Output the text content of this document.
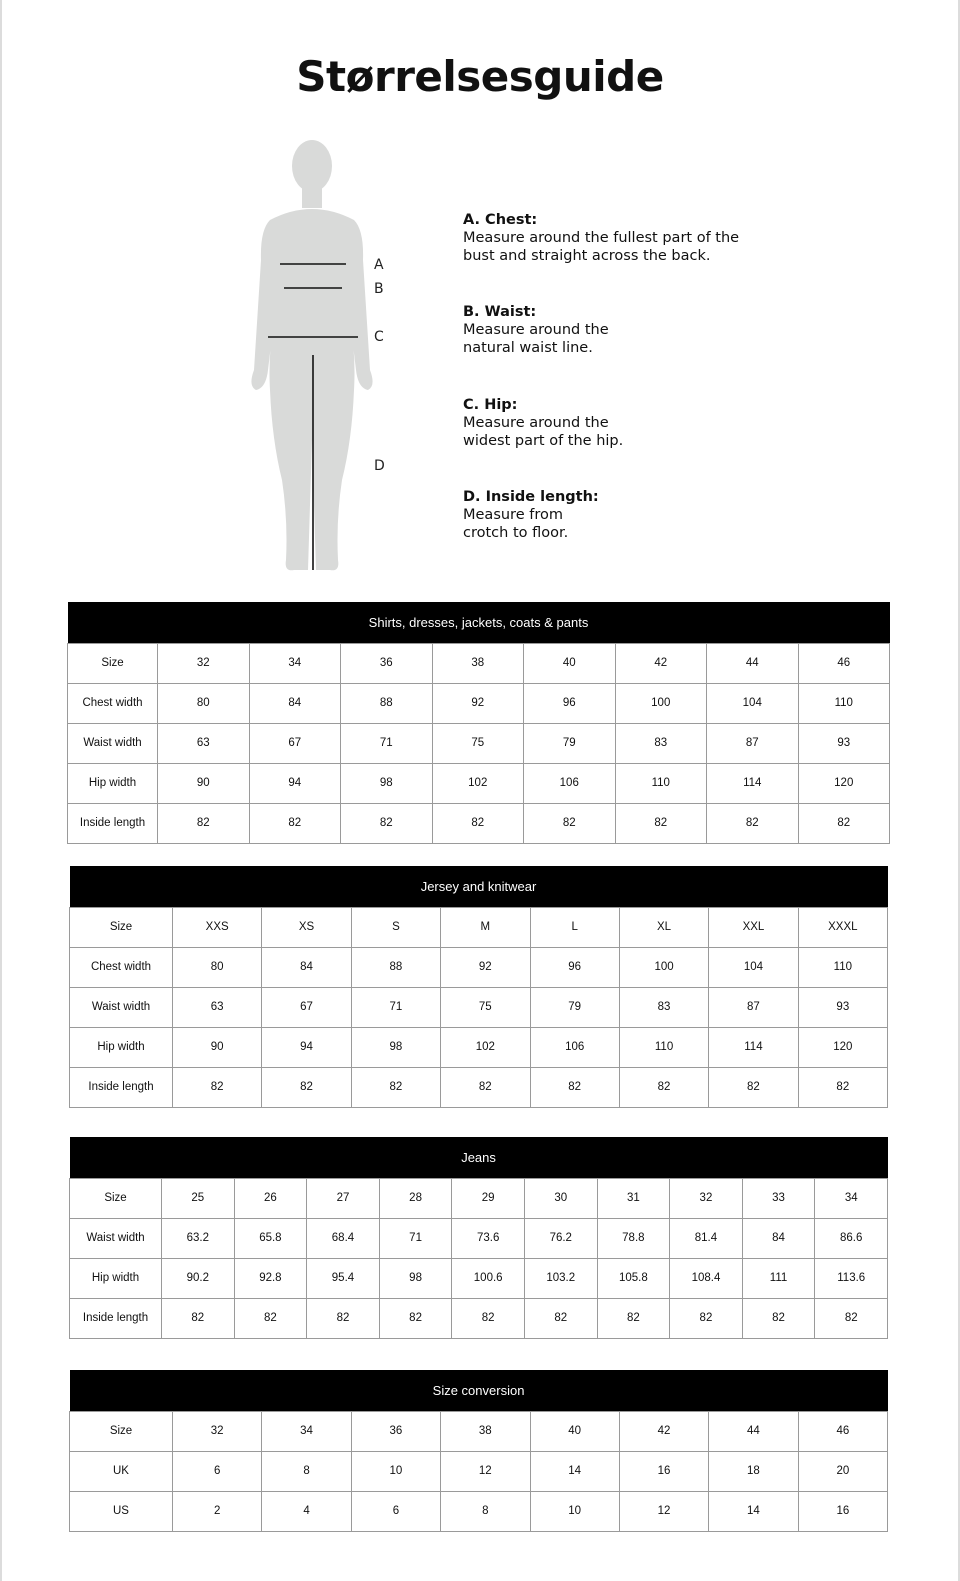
Størrelsesguide
A
B
C
D
A. Chest:
Measure around the fullest part of the
bust and straight across the back.
B. Waist:
Measure around the
natural waist line.
C. Hip:
Measure around the
widest part of the hip.
D. Inside length:
Measure from
crotch to floor.
Shirts, dresses, jackets, coats & pants								
Size	32	34	36	38	40	42	44	46
Chest width	80	84	88	92	96	100	104	110
Waist width	63	67	71	75	79	83	87	93
Hip width	90	94	98	102	106	110	114	120
Inside length	82	82	82	82	82	82	82	82
Jersey and knitwear								
Size	XXS	XS	S	M	L	XL	XXL	XXXL
Chest width	80	84	88	92	96	100	104	110
Waist width	63	67	71	75	79	83	87	93
Hip width	90	94	98	102	106	110	114	120
Inside length	82	82	82	82	82	82	82	82
Jeans										
Size	25	26	27	28	29	30	31	32	33	34
Waist width	63.2	65.8	68.4	71	73.6	76.2	78.8	81.4	84	86.6
Hip width	90.2	92.8	95.4	98	100.6	103.2	105.8	108.4	111	113.6
Inside length	82	82	82	82	82	82	82	82	82	82
Size conversion								
Size	32	34	36	38	40	42	44	46
UK	6	8	10	12	14	16	18	20
US	2	4	6	8	10	12	14	16
